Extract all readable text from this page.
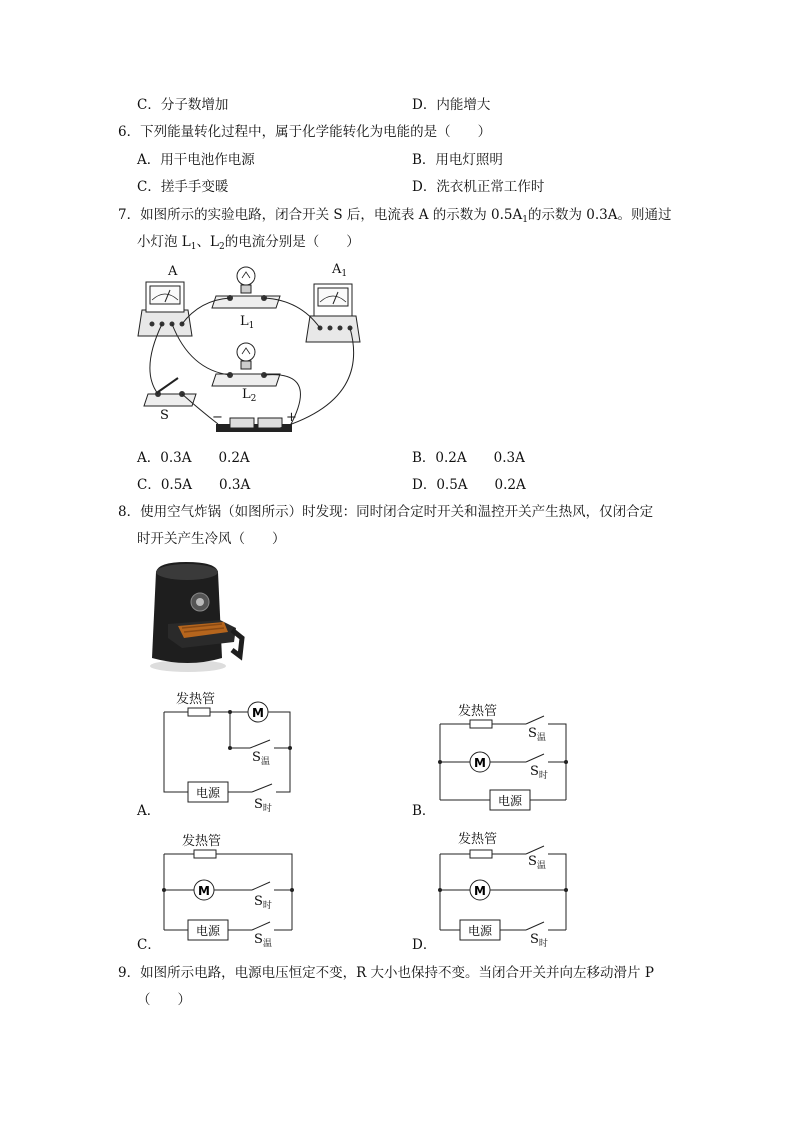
C．分子数增加	D．内能增大
6．下列能量转化过程中，属于化学能转化为电能的是（　　）
A．用干电池作电源	B．用电灯照明
C．搓手手变暖	D．洗衣机正常工作时
7．如图所示的实验电路，闭合开关 S 后，电流表 A 的示数为 $0.5A_1$的示数为 0.3A。则通过
小灯泡 $L_1$、$L_2$的电流分别是（　　）
A	$A_1$
$L_1$
$L_2$
S	−	+
A．0.3A　　0.2A	B．0.2A　　0.3A
C．0.5A　　0.3A	D．0.5A　　0.2A
8．使用空气炸锅（如图所示）时发现：同时闭合定时开关和温控开关产生热风，仅闭合定
时开关产生冷风（　　）
M
电源
发热管
$S_温$
$S_时$
A．
M
电源
发热管
$S_温$
$S_时$
B．
M
电源
发热管
$S_时$
$S_温$
C．
M
电源
发热管
$S_温$
$S_时$
D．
9．如图所示电路，电源电压恒定不变，R 大小也保持不变。当闭合开关并向左移动滑片 P
（　　）
